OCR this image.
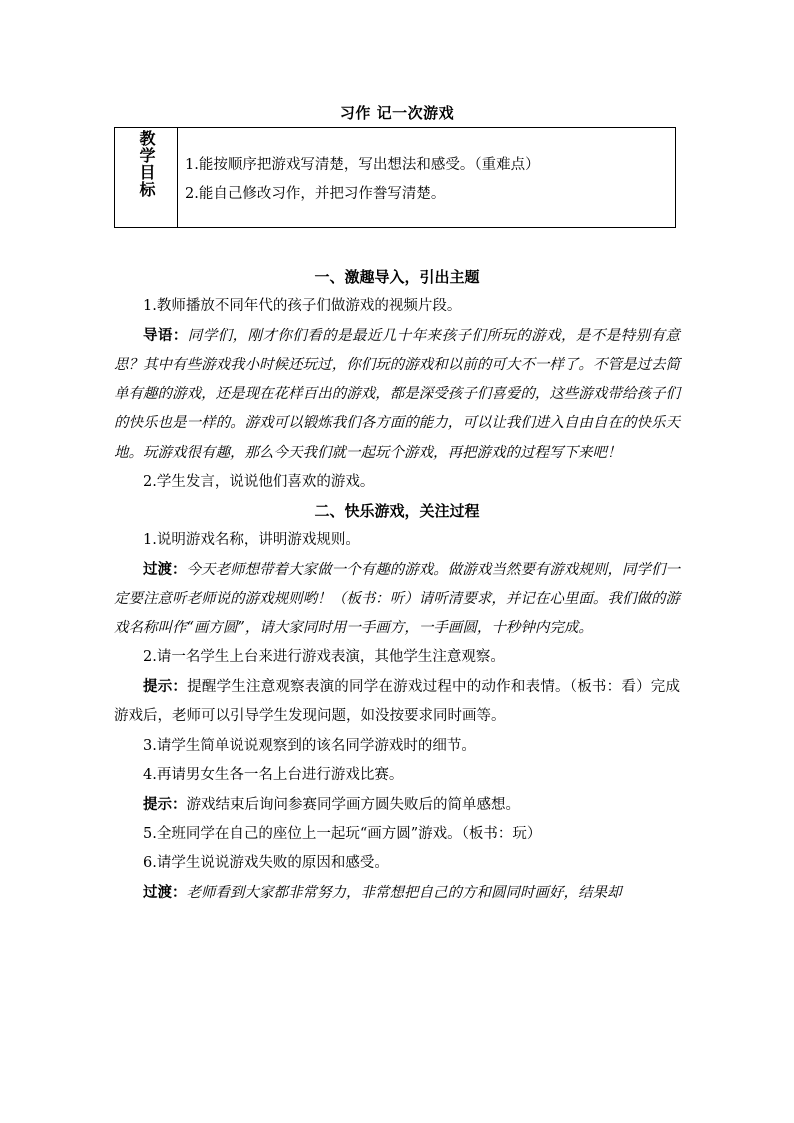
习作 记一次游戏
教学目标 1.能按顺序把游戏写清楚，写出想法和感受。（重难点）
2.能自己修改习作，并把习作誊写清楚。

一、激趣导入，引出主题

1.教师播放不同年代的孩子们做游戏的视频片段。

导语：同学们，刚才你们看的是最近几十年来孩子们所玩的游戏，是不是特别有意思？其中有些游戏我小时候还玩过，你们玩的游戏和以前的可大不一样了。不管是过去简单有趣的游戏，还是现在花样百出的游戏，都是深受孩子们喜爱的，这些游戏带给孩子们的快乐也是一样的。游戏可以锻炼我们各方面的能力，可以让我们进入自由自在的快乐天地。玩游戏很有趣，那么今天我们就一起玩个游戏，再把游戏的过程写下来吧！

2.学生发言，说说他们喜欢的游戏。

二、快乐游戏，关注过程

1.说明游戏名称，讲明游戏规则。

过渡：今天老师想带着大家做一个有趣的游戏。做游戏当然要有游戏规则，同学们一定要注意听老师说的游戏规则哟！（板书：听）请听清要求，并记在心里面。我们做的游戏名称叫作“画方圆”，请大家同时用一手画方，一手画圆，十秒钟内完成。

2.请一名学生上台来进行游戏表演，其他学生注意观察。

提示：提醒学生注意观察表演的同学在游戏过程中的动作和表情。（板书：看）完成游戏后，老师可以引导学生发现问题，如没按要求同时画等。

3.请学生简单说说观察到的该名同学游戏时的细节。

4.再请男女生各一名上台进行游戏比赛。

提示：游戏结束后询问参赛同学画方圆失败后的简单感想。

5.全班同学在自己的座位上一起玩“画方圆”游戏。（板书：玩）

6.请学生说说游戏失败的原因和感受。

过渡：老师看到大家都非常努力，非常想把自己的方和圆同时画好，结果却
